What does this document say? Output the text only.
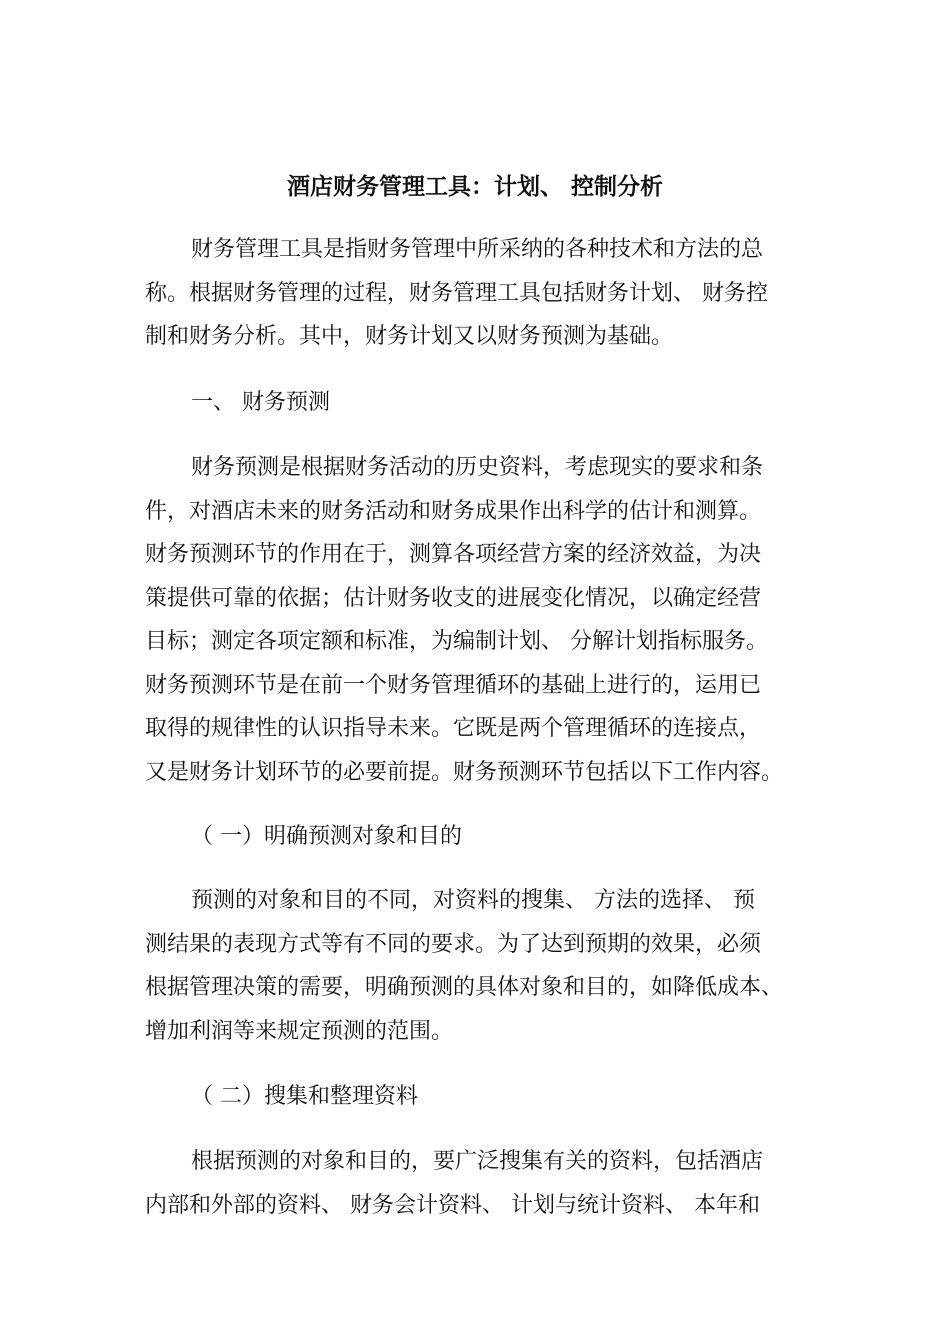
酒店财务管理工具：计划、 控制分析
财务管理工具是指财务管理中所采纳的各种技术和方法的总
称。根据财务管理的过程，财务管理工具包括财务计划、 财务控
制和财务分析。其中，财务计划又以财务预测为基础。
一、 财务预测
财务预测是根据财务活动的历史资料，考虑现实的要求和条
件，对酒店未来的财务活动和财务成果作出科学的估计和测算。
财务预测环节的作用在于，测算各项经营方案的经济效益，为决
策提供可靠的依据；估计财务收支的进展变化情况，以确定经营
目标；测定各项定额和标准，为编制计划、 分解计划指标服务。
财务预测环节是在前一个财务管理循环的基础上进行的，运用已
取得的规律性的认识指导未来。它既是两个管理循环的连接点，
又是财务计划环节的必要前提。财务预测环节包括以下工作内容。
（ 一）明确预测对象和目的
预测的对象和目的不同，对资料的搜集、 方法的选择、 预
测结果的表现方式等有不同的要求。为了达到预期的效果，必须
根据管理决策的需要，明确预测的具体对象和目的，如降低成本、
增加利润等来规定预测的范围。
（ 二）搜集和整理资料
根据预测的对象和目的，要广泛搜集有关的资料，包括酒店
内部和外部的资料、 财务会计资料、 计划与统计资料、 本年和
